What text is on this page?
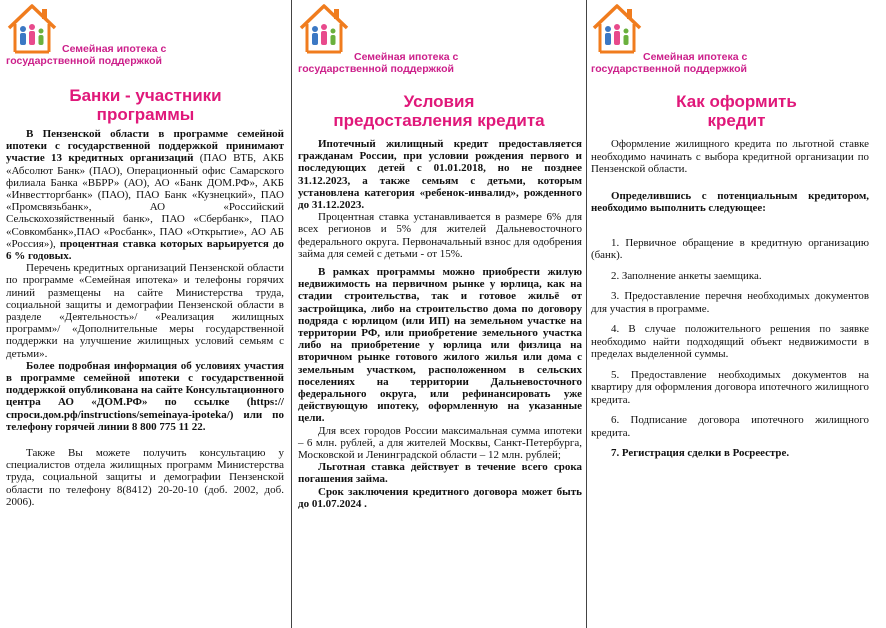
Семейная ипотека с
государственной поддержкой
Банки - участники
программы

В Пензенской области в программе семейной ипотеки с государственной поддержкой принимают участие 13 кредитных организаций (ПАО ВТБ, АКБ «Абсолют Банк» (ПАО), Операционный офис Самарского филиала Банка «ВБРР» (АО), АО «Банк ДОМ.РФ», АКБ «Инвестторгбанк» (ПАО), ПАО Банк «Кузнецкий», ПАО «Промсвязьбанк», АО «Российский Сельскохозяйственный банк», ПАО «Сбербанк», ПАО «Совкомбанк»,ПАО «Росбанк», ПАО «Открытие», АО АБ «Россия»), процентная ставка которых варьируется до 6 % годовых.

Перечень кредитных организаций Пензенской области по программе «Семейная ипотека» и телефоны горячих линий размещены на сайте Министерства труда, социальной защиты и демографии Пензенской области в разделе «Деятельность»/ «Реализация жилищных программ»/ «Дополнительные меры государственной поддержки на улучшение жилищных условий семьям с детьми».

Более подробная информация об условиях участия в программе семейной ипотеки с государственной поддержкой опубликована на сайте Консультационного центра АО «ДОМ.РФ» по ссылке (https://спроси.дом.рф/instructions/semeinaya-ipoteka/) или по телефону горячей линии 8 800 775 11 22.

Также Вы можете получить консультацию у специалистов отдела жилищных программ Министерства труда, социальной защиты и демографии Пензенской области по телефону 8(8412) 20-20-10 (доб. 2002, доб. 2006).

Семейная ипотека с
государственной поддержкой
Условия
предоставления кредита

Ипотечный жилищный кредит предоставляется гражданам России, при условии рождения первого и последующих детей с 01.01.2018, но не позднее 31.12.2023, а также семьям с детьми, которым установлена категория «ребенок-инвалид», рожденного до 31.12.2023.

Процентная ставка устанавливается в размере 6% для всех регионов и 5% для жителей Дальневосточного федерального округа. Первоначальный взнос для одобрения займа для семей с детьми - от 15%.

В рамках программы можно приобрести жилую недвижимость на первичном рынке у юрлица, как на стадии строительства, так и готовое жильё от застройщика, либо на строительство дома по договору подряда с юрлицом (или ИП) на земельном участке на территории РФ, или приобретение земельного участка либо на приобретение у юрлица или физлица на вторичном рынке готового жилого жилья или дома с земельным участком, расположенном в сельских поселениях на территории Дальневосточного федерального округа, или рефинансировать уже действующую ипотеку, оформленную на указанные цели.

Для всех городов России максимальная сумма ипотеки – 6 млн. рублей, а для жителей Москвы, Санкт-Петербурга, Московской и Ленинградской области – 12 млн. рублей;

Льготная ставка действует в течение всего срока погашения займа.

Срок заключения кредитного договора может быть до 01.07.2024 .

Семейная ипотека с
государственной поддержкой
Как оформить
кредит

Оформление жилищного кредита по льготной ставке необходимо начинать с выбора кредитной организации по Пензенской области.

Определившись с потенциальным кредитором, необходимо выполнить следующее:

1. Первичное обращение в кредитную организацию (банк).

2. Заполнение анкеты заемщика.

3. Предоставление перечня необходимых документов для участия в программе.

4. В случае положительного решения по заявке необходимо найти подходящий объект недвижимости в пределах выделенной суммы.

5. Предоставление необходимых документов на квартиру для оформления договора ипотечного жилищного кредита.

6. Подписание договора ипотечного жилищного кредита.

7. Регистрация сделки в Росреестре.
